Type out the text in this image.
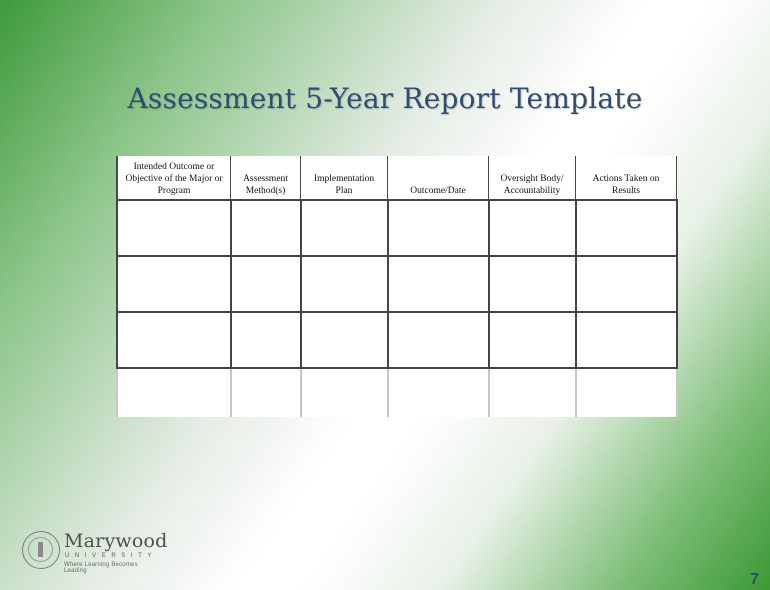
Assessment 5-Year Report Template
Intended Outcome or Objective of the Major or Program	Assessment Method(s)	Implementation Plan	Outcome/Date	Oversight Body/ Accountability	Actions Taken on Results

Marywood
UNIVERSITY
Where Learning Becomes Leading	7
